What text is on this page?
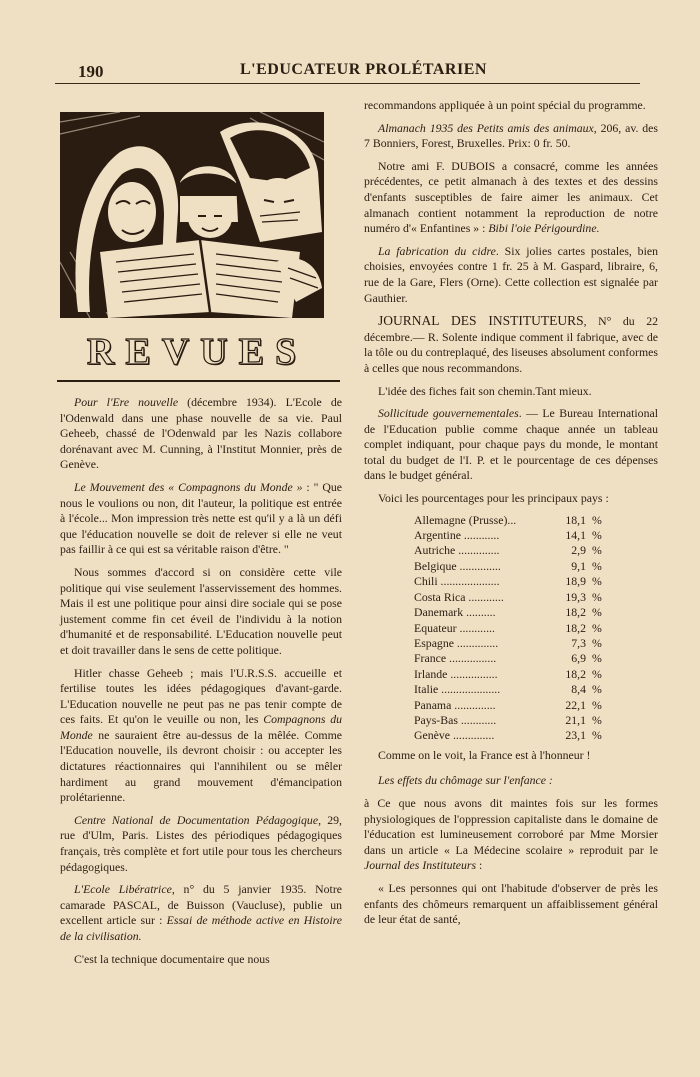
190	L'EDUCATEUR PROLÉTARIEN
REVUES

Pour l'Ere nouvelle (décembre 1934). L'Ecole de l'Odenwald dans une phase nouvelle de sa vie. Paul Geheeb, chassé de l'Odenwald par les Nazis collabore dorénavant avec M. Cunning, à l'Institut Monnier, près de Genève.

Le Mouvement des « Compagnons du Monde » : " Que nous le voulions ou non, dit l'auteur, la politique est entrée à l'école... Mon impression très nette est qu'il y a là un défi que l'éducation nouvelle se doit de relever si elle ne veut pas faillir à ce qui est sa véritable raison d'être. "

Nous sommes d'accord si on considère cette vile politique qui vise seulement l'asservissement des hommes. Mais il est une politique pour ainsi dire sociale qui se pose justement comme fin cet éveil de l'individu à la notion d'humanité et de responsabilité. L'Education nouvelle peut et doit travailler dans le sens de cette politique.

Hitler chasse Geheeb ; mais l'U.R.S.S. accueille et fertilise toutes les idées pédagogiques d'avant-garde. L'Education nouvelle ne peut pas ne pas tenir compte de ces faits. Et qu'on le veuille ou non, les Compagnons du Monde ne sauraient être au-dessus de la mêlée. Comme l'Education nouvelle, ils devront choisir : ou accepter les dictatures réactionnaires qui l'annihilent ou se mêler hardiment au grand mouvement d'émancipation prolétarienne.

Centre National de Documentation Pédagogique, 29, rue d'Ulm, Paris. Listes des périodiques pédagogiques français, très complète et fort utile pour tous les chercheurs pédagogiques.

L'Ecole Libératrice, n° du 5 janvier 1935. Notre camarade PASCAL, de Buisson (Vaucluse), publie un excellent article sur : Essai de méthode active en Histoire de la civilisation.

C'est la technique documentaire que nous

recommandons appliquée à un point spécial du programme.

Almanach 1935 des Petits amis des animaux, 206, av. des 7 Bonniers, Forest, Bruxelles. Prix: 0 fr. 50.

Notre ami F. DUBOIS a consacré, comme les années précédentes, ce petit almanach à des textes et des dessins d'enfants susceptibles de faire aimer les animaux. Cet almanach contient notamment la reproduction de notre numéro d'« Enfantines » : Bibi l'oie Périgourdine.

La fabrication du cidre. Six jolies cartes postales, bien choisies, envoyées contre 1 fr. 25 à M. Gaspard, libraire, 6, rue de la Gare, Flers (Orne). Cette collection est signalée par Gauthier.

JOURNAL DES INSTITUTEURS, N° du 22 décembre.— R. Solente indique comment il fabrique, avec de la tôle ou du contreplaqué, des liseuses absolument conformes à celles que nous recommandons.

L'idée des fiches fait son chemin.Tant mieux.

Sollicitude gouvernementales. — Le Bureau International de l'Education publie comme chaque année un tableau complet indiquant, pour chaque pays du monde, le montant total du budget de l'I. P. et le pourcentage de ces dépenses dans le budget général.

Voici les pourcentages pour les principaux pays :

Allemagne (Prusse)...	18,1	%
Argentine ............	14,1	%
Autriche ..............	2,9	%
Belgique ..............	9,1	%
Chili ....................	18,9	%
Costa Rica ............	19,3	%
Danemark ..........	18,2	%
Equateur ............	18,2	%
Espagne ..............	7,3	%
France ................	6,9	%
Irlande ................	18,2	%
Italie ....................	8,4	%
Panama ..............	22,1	%
Pays-Bas ............	21,1	%
Genève ..............	23,1	%

Comme on le voit, la France est à l'honneur !

Les effets du chômage sur l'enfance :

à Ce que nous avons dit maintes fois sur les formes physiologiques de l'oppression capitaliste dans le domaine de l'éducation est lumineusement corroboré par Mme Morsier dans un article « La Médecine scolaire » reproduit par le Journal des Instituteurs :

« Les personnes qui ont l'habitude d'observer de près les enfants des chômeurs remarquent un affaiblissement général de leur état de santé,
